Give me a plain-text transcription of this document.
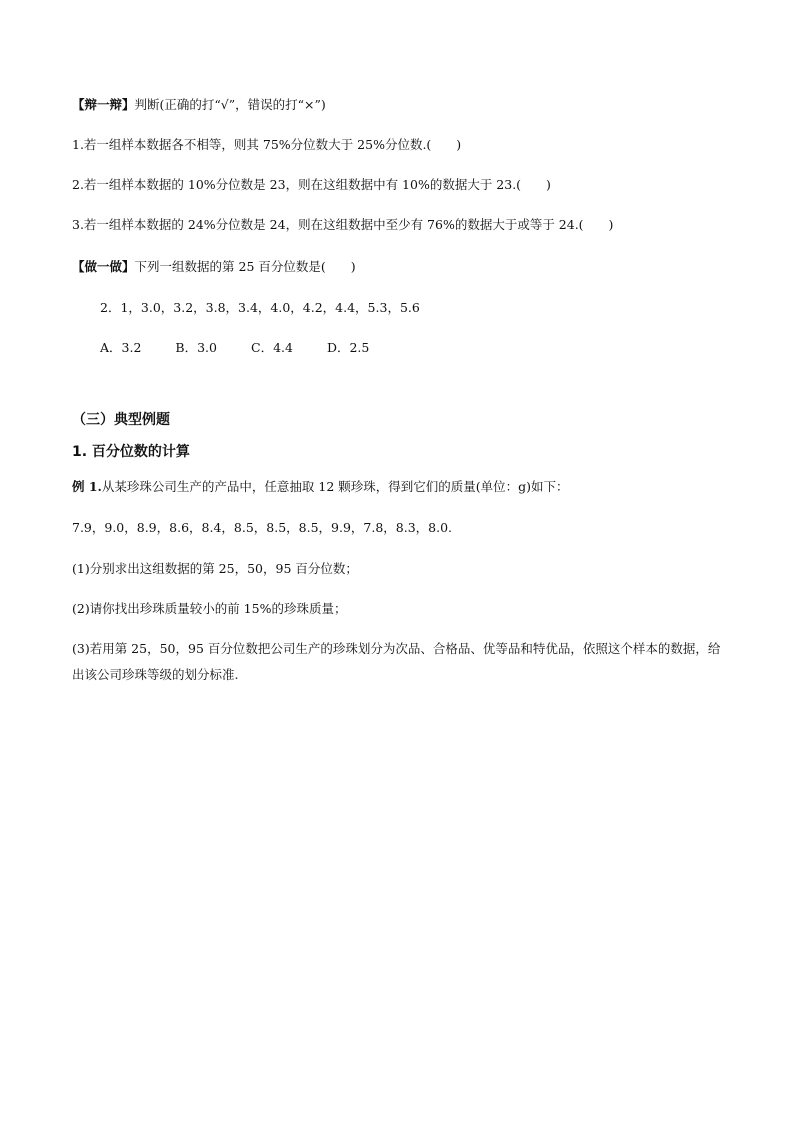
【辩一辩】判断(正确的打“√”，错误的打“×”)
1.若一组样本数据各不相等，则其 75%分位数大于 25%分位数.(　　)
2.若一组样本数据的 10%分位数是 23，则在这组数据中有 10%的数据大于 23.(　　)
3.若一组样本数据的 24%分位数是 24，则在这组数据中至少有 76%的数据大于或等于 24.(　　)
【做一做】下列一组数据的第 25 百分位数是(　　)
2．1，3.0，3.2，3.8，3.4，4.0，4.2，4.4，5.3，5.6
A．3.2	B．3.0	C．4.4	D．2.5
（三）典型例题
1. 百分位数的计算
例 1.从某珍珠公司生产的产品中，任意抽取 12 颗珍珠，得到它们的质量(单位：g)如下：
7.9，9.0，8.9，8.6，8.4，8.5，8.5，8.5，9.9，7.8，8.3，8.0.
(1)分别求出这组数据的第 25，50，95 百分位数；
(2)请你找出珍珠质量较小的前 15%的珍珠质量；
(3)若用第 25，50，95 百分位数把公司生产的珍珠划分为次品、合格品、优等品和特优品，依照这个样本的数据，给出该公司珍珠等级的划分标准.
